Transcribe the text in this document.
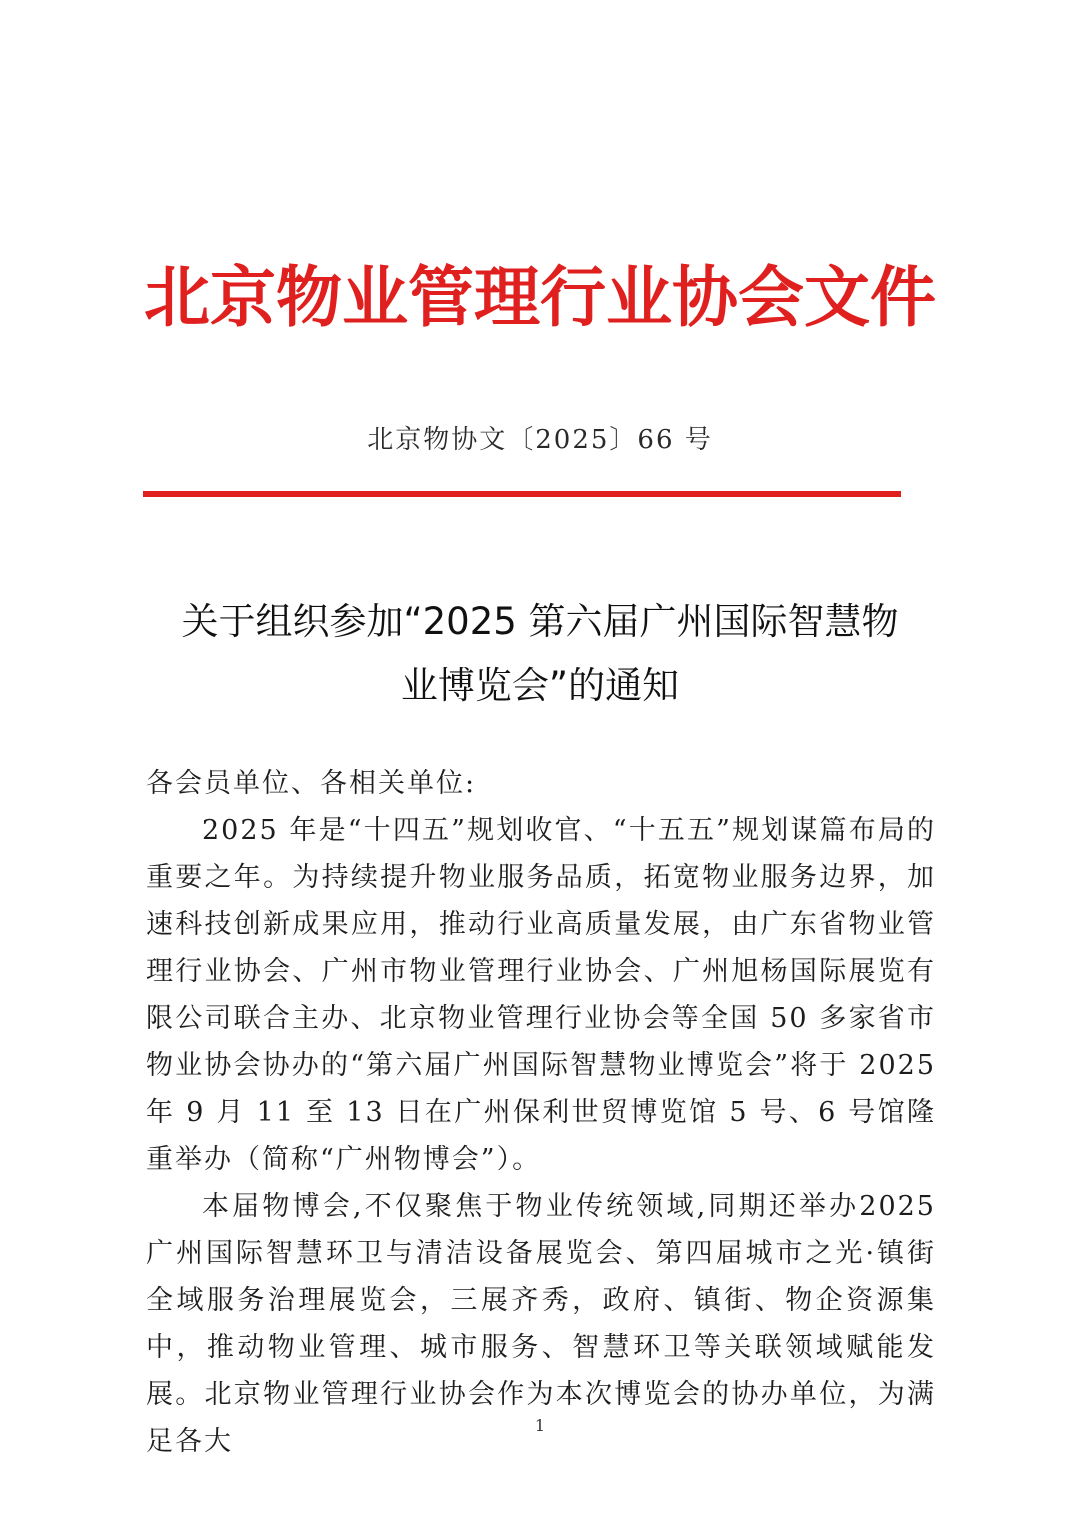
北京物业管理行业协会文件
北京物协文〔2025〕66 号
关于组织参加“2025 第六届广州国际智慧物
业博览会”的通知

各会员单位、各相关单位:

2025 年是“十四五”规划收官、“十五五”规划谋篇布局的重要之年。为持续提升物业服务品质，拓宽物业服务边界，加速科技创新成果应用，推动行业高质量发展，由广东省物业管理行业协会、广州市物业管理行业协会、广州旭杨国际展览有限公司联合主办、北京物业管理行业协会等全国 50 多家省市物业协会协办的“第六届广州国际智慧物业博览会”将于 2025 年 9 月 11 至 13 日在广州保利世贸博览馆 5 号、6 号馆隆重举办（简称“广州物博会”）。

本届物博会,不仅聚焦于物业传统领域,同期还举办2025广州国际智慧环卫与清洁设备展览会、第四届城市之光·镇街全域服务治理展览会，三展齐秀，政府、镇街、物企资源集中，推动物业管理、城市服务、智慧环卫等关联领域赋能发展。北京物业管理行业协会作为本次博览会的协办单位，为满足各大

1
